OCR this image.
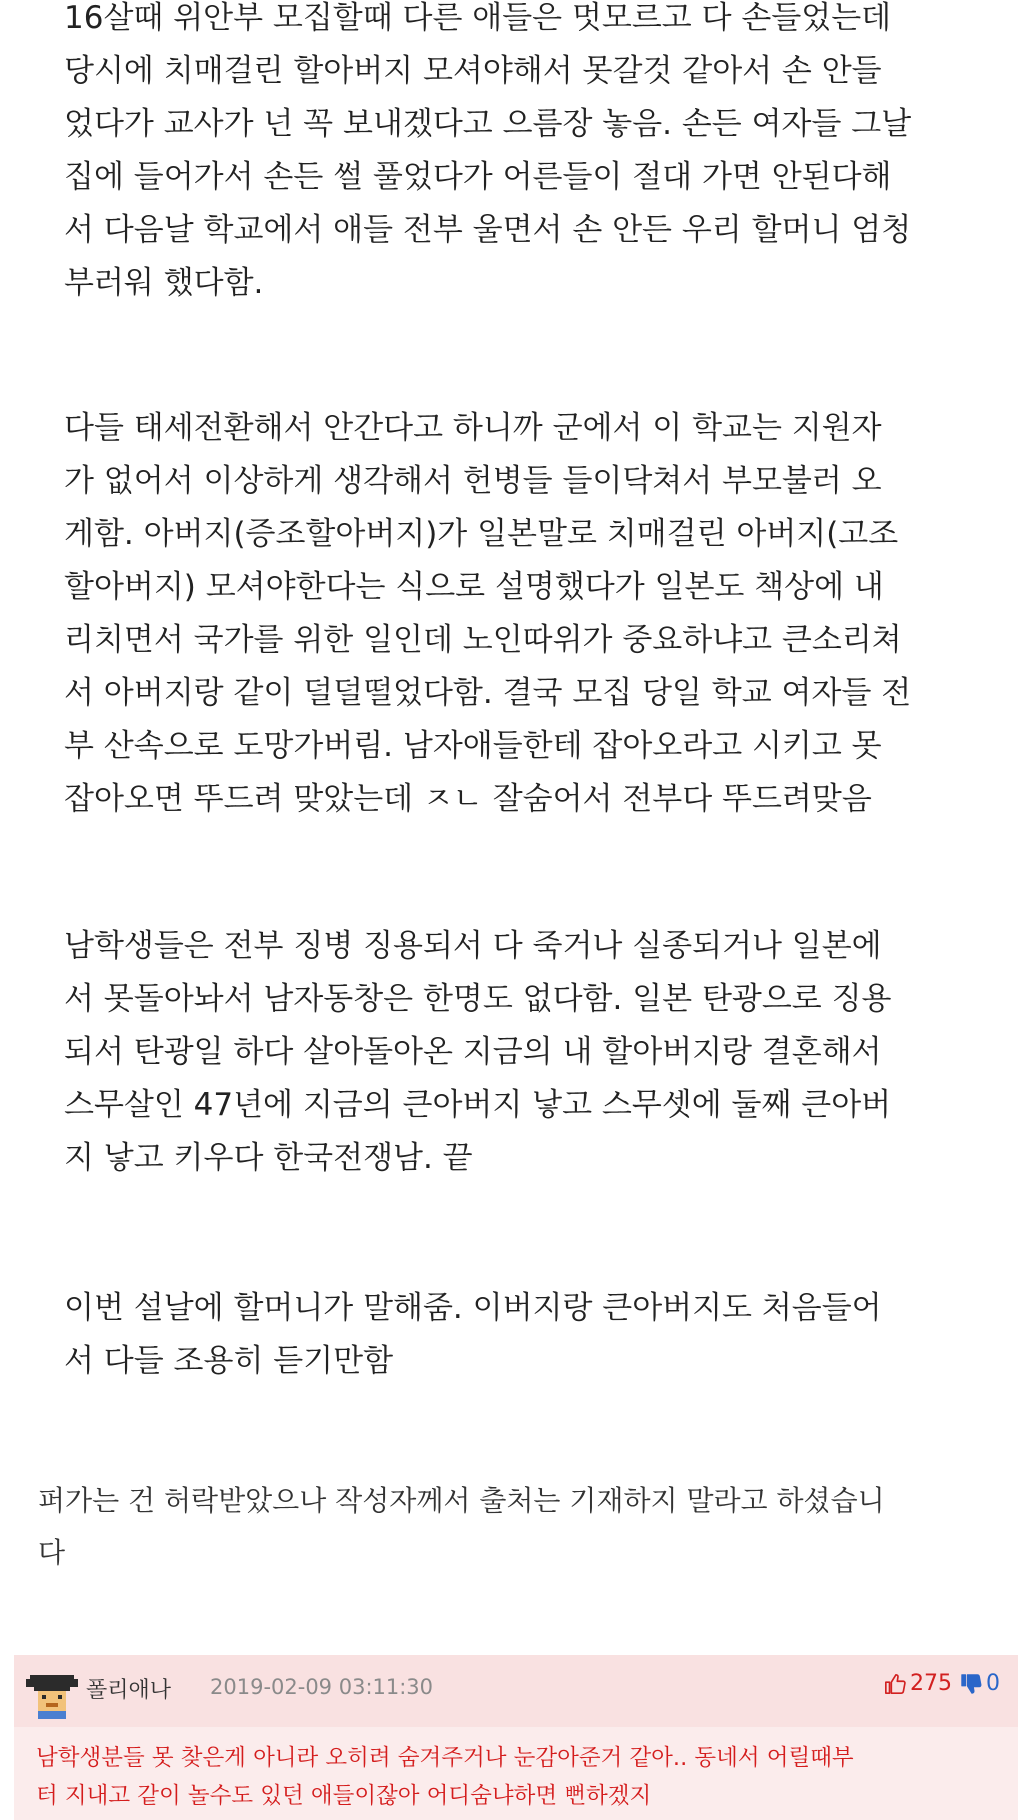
16살때 위안부 모집할때 다른 애들은 멋모르고 다 손들었는데
당시에 치매걸린 할아버지 모셔야해서 못갈것 같아서 손 안들
었다가 교사가 넌 꼭 보내겠다고 으름장 놓음. 손든 여자들 그날
집에 들어가서 손든 썰 풀었다가 어른들이 절대 가면 안된다해
서 다음날 학교에서 애들 전부 울면서 손 안든 우리 할머니 엄청
부러워 했다함.

다들 태세전환해서 안간다고 하니까 군에서 이 학교는 지원자
가 없어서 이상하게 생각해서 헌병들 들이닥쳐서 부모불러 오
게함. 아버지(증조할아버지)가 일본말로 치매걸린 아버지(고조
할아버지) 모셔야한다는 식으로 설명했다가 일본도 책상에 내
리치면서 국가를 위한 일인데 노인따위가 중요하냐고 큰소리쳐
서 아버지랑 같이 덜덜떨었다함. 결국 모집 당일 학교 여자들 전
부 산속으로 도망가버림. 남자애들한테 잡아오라고 시키고 못
잡아오면 뚜드려 맞았는데 ㅈㄴ 잘숨어서 전부다 뚜드려맞음

남학생들은 전부 징병 징용되서 다 죽거나 실종되거나 일본에
서 못돌아놔서 남자동창은 한명도 없다함. 일본 탄광으로 징용
되서 탄광일 하다 살아돌아온 지금의 내 할아버지랑 결혼해서
스무살인 47년에 지금의 큰아버지 낳고 스무셋에 둘째 큰아버
지 낳고 키우다 한국전쟁남. 끝

이번 설날에 할머니가 말해줌. 이버지랑 큰아버지도 처음들어
서 다들 조용히 듣기만함

퍼가는 건 허락받았으나 작성자께서 출처는 기재하지 말라고 하셨습니
다
폴리애나 2019-02-09 03:11:30	275 0
남학생분들 못 찾은게 아니라 오히려 숨겨주거나 눈감아준거 같아.. 동네서 어릴때부
터 지내고 같이 놀수도 있던 애들이잖아 어디숨냐하면 뻔하겠지
